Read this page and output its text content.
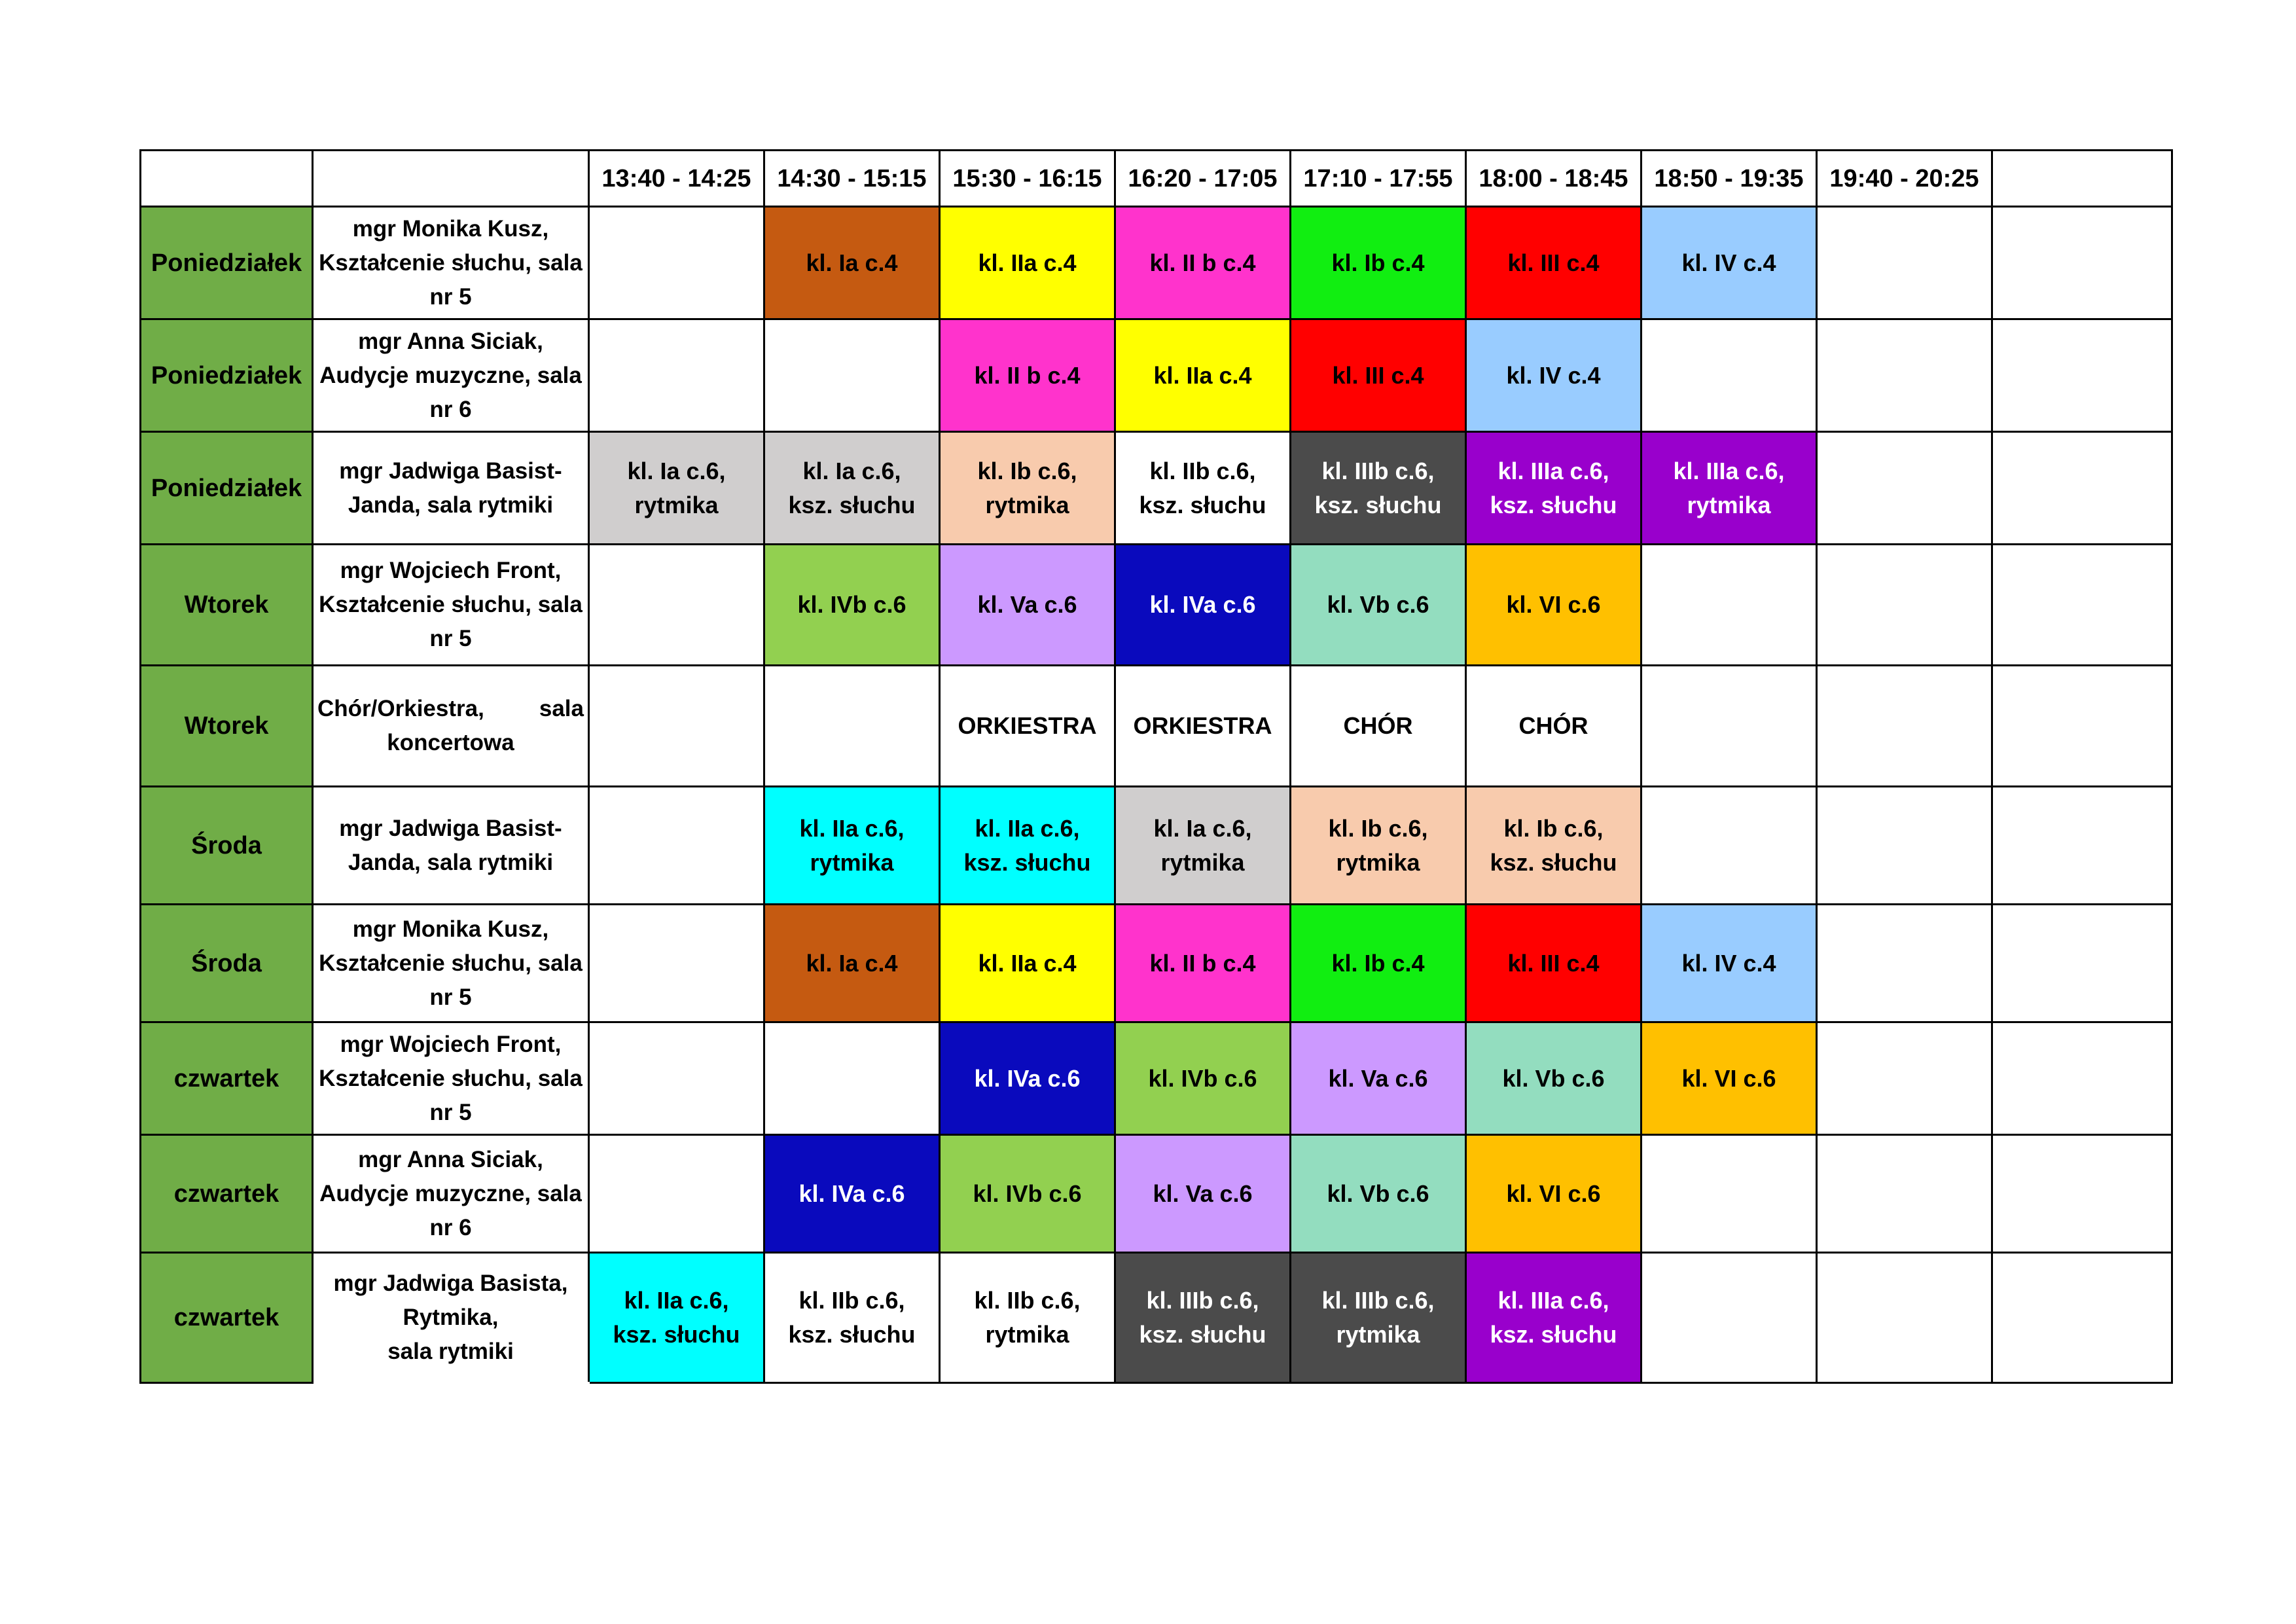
		13:40 - 14:25	14:30 - 15:15	15:30 - 16:15	16:20 - 17:05	17:10 - 17:55	18:00 - 18:45	18:50 - 19:35	19:40 - 20:25	
Poniedziałek	mgr Monika Kusz,
Kształcenie słuchu, sala
nr 5		kl. Ia c.4	kl. IIa c.4	kl. II b c.4	kl. Ib c.4	kl. III c.4	kl. IV c.4		
Poniedziałek	mgr Anna Siciak,
Audycje muzyczne, sala
nr 6			kl. II b c.4	kl. IIa c.4	kl. III c.4	kl. IV c.4			
Poniedziałek	mgr Jadwiga Basist-
Janda, sala rytmiki	kl. Ia c.6,
rytmika	kl. Ia c.6,
ksz. słuchu	kl. Ib c.6,
rytmika	kl. IIb c.6,
ksz. słuchu	kl. IIIb c.6,
ksz. słuchu	kl. IIIa c.6,
ksz. słuchu	kl. IIIa c.6,
rytmika		
Wtorek	mgr Wojciech Front,
Kształcenie słuchu, sala
nr 5		kl. IVb c.6	kl. Va c.6	kl. IVa c.6	kl. Vb c.6	kl. VI c.6			
Wtorek	Chór/Orkiestra, sala koncertowa			ORKIESTRA	ORKIESTRA	CHÓR	CHÓR			
Środa	mgr Jadwiga Basist-
Janda, sala rytmiki		kl. IIa c.6,
rytmika	kl. IIa c.6,
ksz. słuchu	kl. Ia c.6,
rytmika	kl. Ib c.6,
rytmika	kl. Ib c.6,
ksz. słuchu			
Środa	mgr Monika Kusz,
Kształcenie słuchu, sala
nr 5		kl. Ia c.4	kl. IIa c.4	kl. II b c.4	kl. Ib c.4	kl. III c.4	kl. IV c.4		
czwartek	mgr Wojciech Front,
Kształcenie słuchu, sala
nr 5			kl. IVa c.6	kl. IVb c.6	kl. Va c.6	kl. Vb c.6	kl. VI c.6		
czwartek	mgr Anna Siciak,
Audycje muzyczne, sala
nr 6		kl. IVa c.6	kl. IVb c.6	kl. Va c.6	kl. Vb c.6	kl. VI c.6			
czwartek	mgr Jadwiga Basista,
Rytmika,
sala rytmiki	kl. IIa c.6,
ksz. słuchu	kl. IIb c.6,
ksz. słuchu	kl. IIb c.6,
rytmika	kl. IIIb c.6,
ksz. słuchu	kl. IIIb c.6,
rytmika	kl. IIIa c.6,
ksz. słuchu			
